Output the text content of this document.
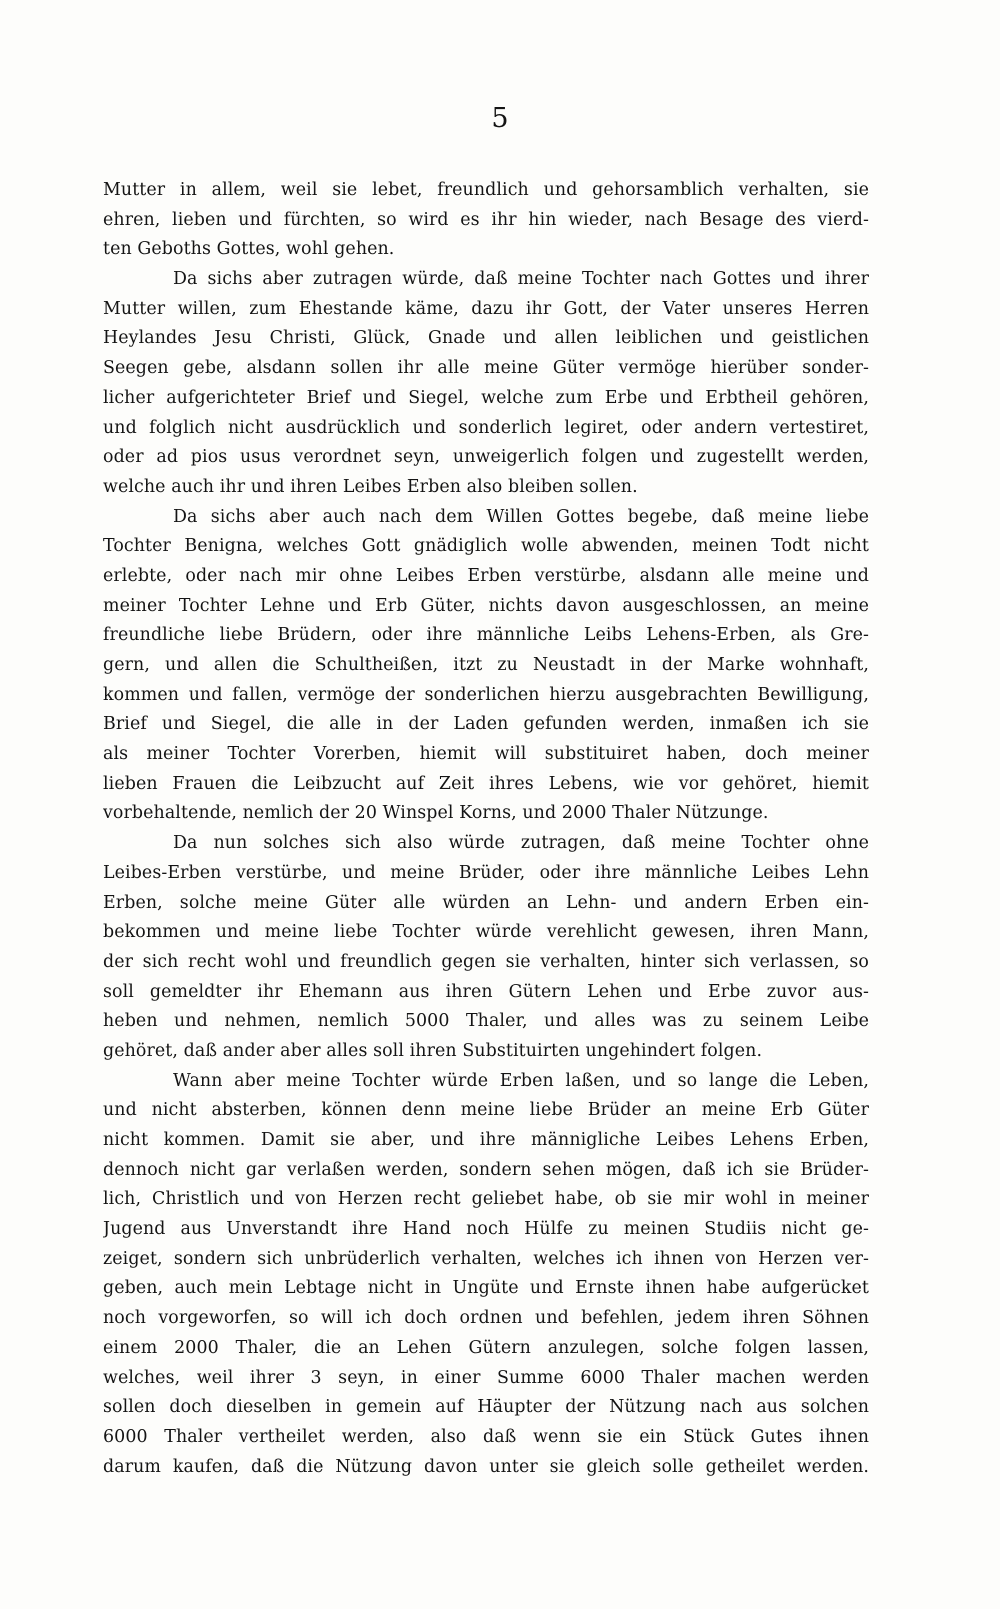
5
Mutter in allem, weil sie lebet, freundlich und gehorsamblich verhalten, sie
ehren, lieben und fürchten, so wird es ihr hin wieder, nach Besage des vierd-
ten Geboths Gottes, wohl gehen.
Da sichs aber zutragen würde, daß meine Tochter nach Gottes und ihrer
Mutter willen, zum Ehestande käme, dazu ihr Gott, der Vater unseres Herren
Heylandes Jesu Christi, Glück, Gnade und allen leiblichen und geistlichen
Seegen gebe, alsdann sollen ihr alle meine Güter vermöge hierüber sonder-
licher aufgerichteter Brief und Siegel, welche zum Erbe und Erbtheil gehören,
und folglich nicht ausdrücklich und sonderlich legiret, oder andern vertestiret,
oder ad pios usus verordnet seyn, unweigerlich folgen und zugestellt werden,
welche auch ihr und ihren Leibes Erben also bleiben sollen.
Da sichs aber auch nach dem Willen Gottes begebe, daß meine liebe
Tochter Benigna, welches Gott gnädiglich wolle abwenden, meinen Todt nicht
erlebte, oder nach mir ohne Leibes Erben verstürbe, alsdann alle meine und
meiner Tochter Lehne und Erb Güter, nichts davon ausgeschlossen, an meine
freundliche liebe Brüdern, oder ihre männliche Leibs Lehens-Erben, als Gre-
gern, und allen die Schultheißen, itzt zu Neustadt in der Marke wohnhaft,
kommen und fallen, vermöge der sonderlichen hierzu ausgebrachten Bewilligung,
Brief und Siegel, die alle in der Laden gefunden werden, inmaßen ich sie
als meiner Tochter Vorerben, hiemit will substituiret haben, doch meiner
lieben Frauen die Leibzucht auf Zeit ihres Lebens, wie vor gehöret, hiemit
vorbehaltende, nemlich der 20 Winspel Korns, und 2000 Thaler Nützunge.
Da nun solches sich also würde zutragen, daß meine Tochter ohne
Leibes-Erben verstürbe, und meine Brüder, oder ihre männliche Leibes Lehn
Erben, solche meine Güter alle würden an Lehn- und andern Erben ein-
bekommen und meine liebe Tochter würde verehlicht gewesen, ihren Mann,
der sich recht wohl und freundlich gegen sie verhalten, hinter sich verlassen, so
soll gemeldter ihr Ehemann aus ihren Gütern Lehen und Erbe zuvor aus-
heben und nehmen, nemlich 5000 Thaler, und alles was zu seinem Leibe
gehöret, daß ander aber alles soll ihren Substituirten ungehindert folgen.
Wann aber meine Tochter würde Erben laßen, und so lange die Leben,
und nicht absterben, können denn meine liebe Brüder an meine Erb Güter
nicht kommen. Damit sie aber, und ihre männigliche Leibes Lehens Erben,
dennoch nicht gar verlaßen werden, sondern sehen mögen, daß ich sie Brüder-
lich, Christlich und von Herzen recht geliebet habe, ob sie mir wohl in meiner
Jugend aus Unverstandt ihre Hand noch Hülfe zu meinen Studiis nicht ge-
zeiget, sondern sich unbrüderlich verhalten, welches ich ihnen von Herzen ver-
geben, auch mein Lebtage nicht in Ungüte und Ernste ihnen habe aufgerücket
noch vorgeworfen, so will ich doch ordnen und befehlen, jedem ihren Söhnen
einem 2000 Thaler, die an Lehen Gütern anzulegen, solche folgen lassen,
welches, weil ihrer 3 seyn, in einer Summe 6000 Thaler machen werden
sollen doch dieselben in gemein auf Häupter der Nützung nach aus solchen
6000 Thaler vertheilet werden, also daß wenn sie ein Stück Gutes ihnen
darum kaufen, daß die Nützung davon unter sie gleich solle getheilet werden.
